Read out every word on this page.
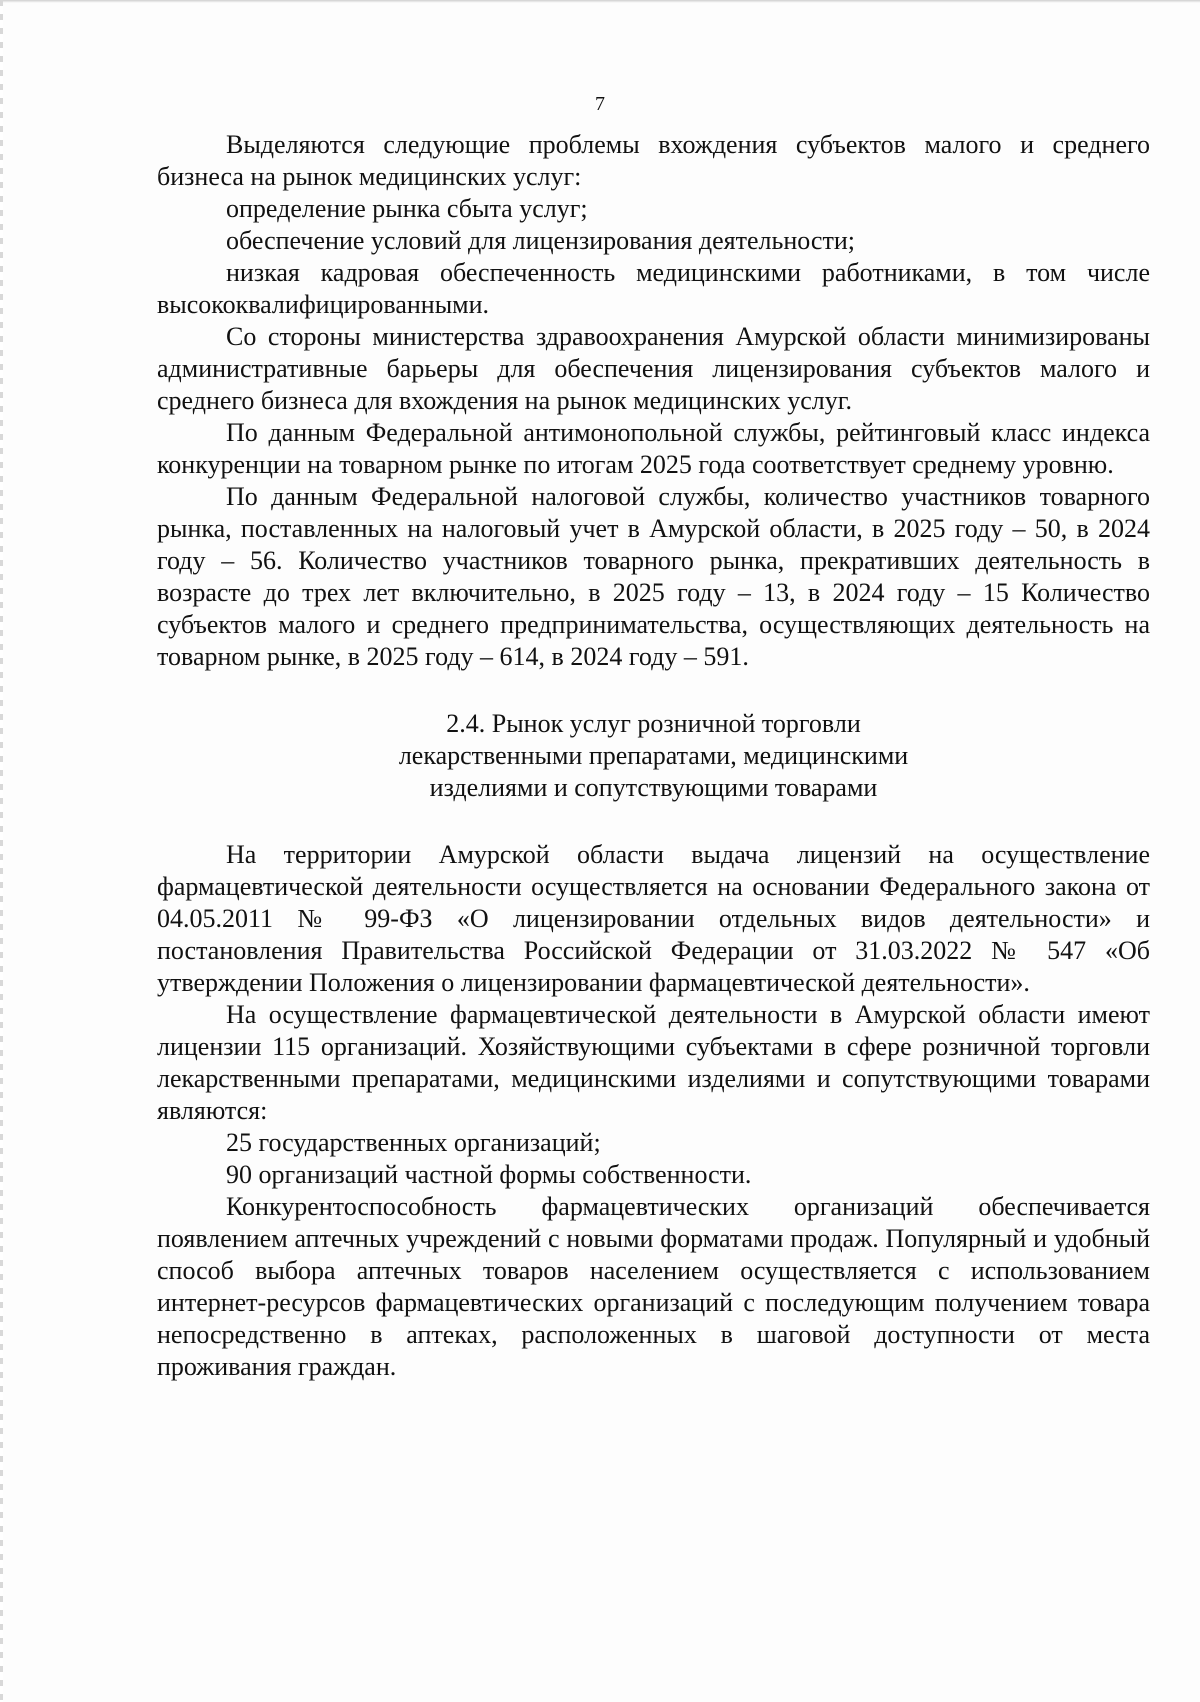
7

Выделяются следующие проблемы вхождения субъектов малого и среднего бизнеса на рынок медицинских услуг:

определение рынка сбыта услуг;

обеспечение условий для лицензирования деятельности;

низкая кадровая обеспеченность медицинскими работниками, в том числе высококвалифицированными.

Со стороны министерства здравоохранения Амурской области минимизированы административные барьеры для обеспечения лицензирования субъектов малого и среднего бизнеса для вхождения на рынок медицинских услуг.

По данным Федеральной антимонопольной службы, рейтинговый класс индекса конкуренции на товарном рынке по итогам 2025 года соответствует среднему уровню.

По данным Федеральной налоговой службы, количество участников товарного рынка, поставленных на налоговый учет в Амурской области, в 2025 году – 50, в 2024 году – 56. Количество участников товарного рынка, прекративших деятельность в возрасте до трех лет включительно, в 2025 году – 13, в 2024 году – 15 Количество субъектов малого и среднего предпринимательства, осуществляющих деятельность на товарном рынке, в 2025 году – 614, в 2024 году – 591.

2.4. Рынок услуг розничной торговли
лекарственными препаратами, медицинскими
изделиями и сопутствующими товарами

На территории Амурской области выдача лицензий на осуществление фармацевтической деятельности осуществляется на основании Федерального закона от 04.05.2011 № 99-ФЗ «О лицензировании отдельных видов деятельности» и постановления Правительства Российской Федерации от 31.03.2022 № 547 «Об утверждении Положения о лицензировании фармацевтической деятельности».

На осуществление фармацевтической деятельности в Амурской области имеют лицензии 115 организаций. Хозяйствующими субъектами в сфере розничной торговли лекарственными препаратами, медицинскими изделиями и сопутствующими товарами являются:

25 государственных организаций;

90 организаций частной формы собственности.

Конкурентоспособность фармацевтических организаций обеспечивается появлением аптечных учреждений с новыми форматами продаж. Популярный и удобный способ выбора аптечных товаров населением осуществляется с использованием интернет-ресурсов фармацевтических организаций с последующим получением товара непосредственно в аптеках, расположенных в шаговой доступности от места проживания граждан.
